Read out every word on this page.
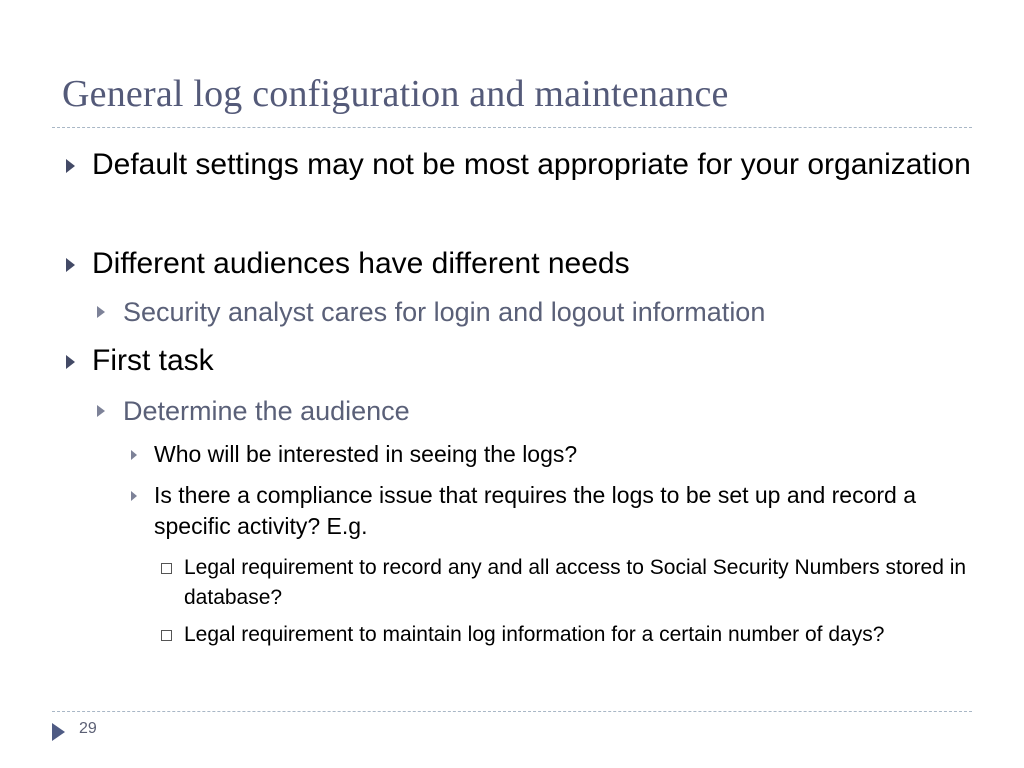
General log configuration and maintenance
Default settings may not be most appropriate for your organization
Different audiences have different needs
Security analyst cares for login and logout information
First task
Determine the audience
Who will be interested in seeing the logs?
Is there a compliance issue that requires the logs to be set up and record a specific activity? E.g.
Legal requirement to record any and all access to Social Security Numbers stored in database?
Legal requirement to maintain log information for a certain number of days?
29
